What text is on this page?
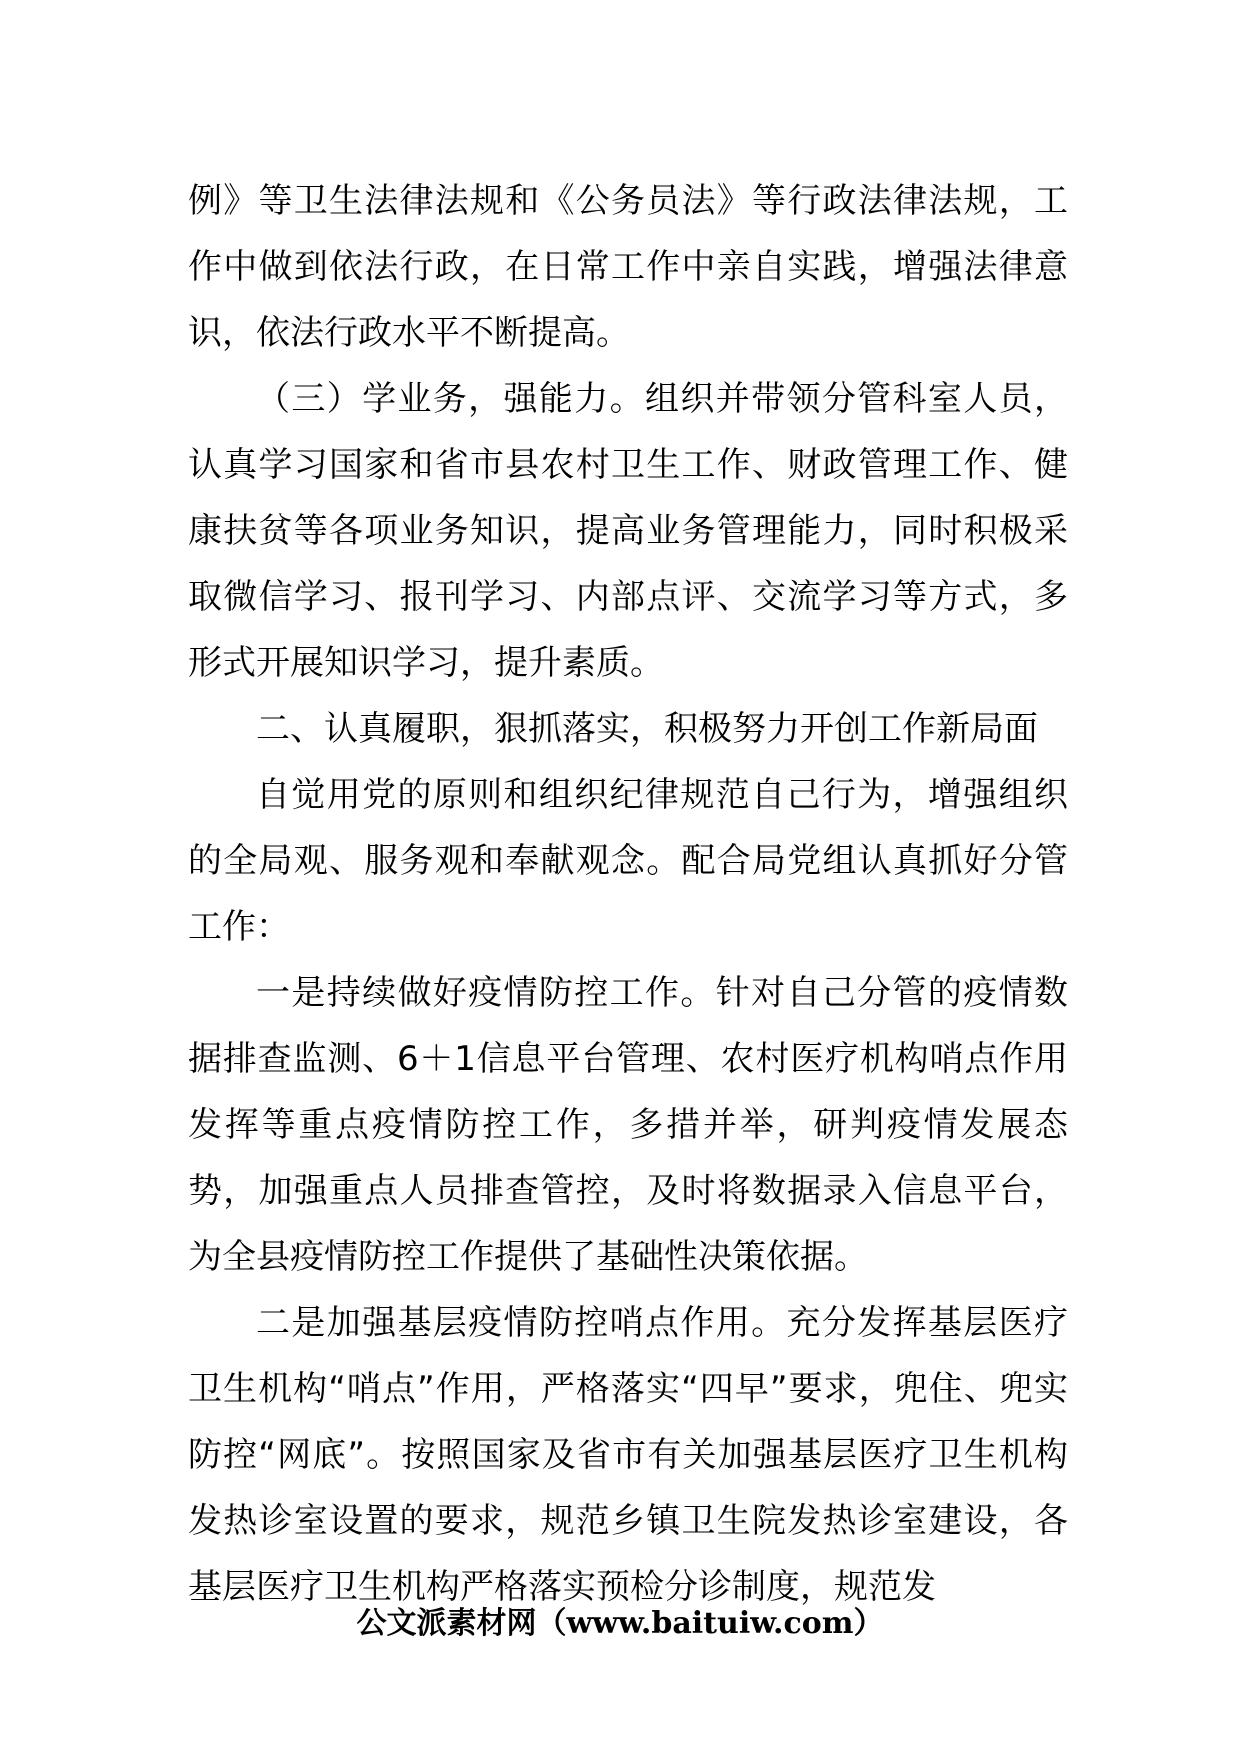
例》等卫生法律法规和《公务员法》等行政法律法规，工作中做到依法行政，在日常工作中亲自实践，增强法律意识，依法行政水平不断提高。

（三）学业务，强能力。组织并带领分管科室人员，认真学习国家和省市县农村卫生工作、财政管理工作、健康扶贫等各项业务知识，提高业务管理能力，同时积极采取微信学习、报刊学习、内部点评、交流学习等方式，多形式开展知识学习，提升素质。

二、认真履职，狠抓落实，积极努力开创工作新局面

自觉用党的原则和组织纪律规范自己行为，增强组织的全局观、服务观和奉献观念。配合局党组认真抓好分管工作：

一是持续做好疫情防控工作。针对自己分管的疫情数据排查监测、6＋1信息平台管理、农村医疗机构哨点作用发挥等重点疫情防控工作，多措并举，研判疫情发展态势，加强重点人员排查管控，及时将数据录入信息平台，为全县疫情防控工作提供了基础性决策依据。

二是加强基层疫情防控哨点作用。充分发挥基层医疗卫生机构“哨点”作用，严格落实“四早”要求，兜住、兜实防控“网底”。按照国家及省市有关加强基层医疗卫生机构发热诊室设置的要求，规范乡镇卫生院发热诊室建设，各基层医疗卫生机构严格落实预检分诊制度，规范发

公文派素材网（www.baituiw.com）
